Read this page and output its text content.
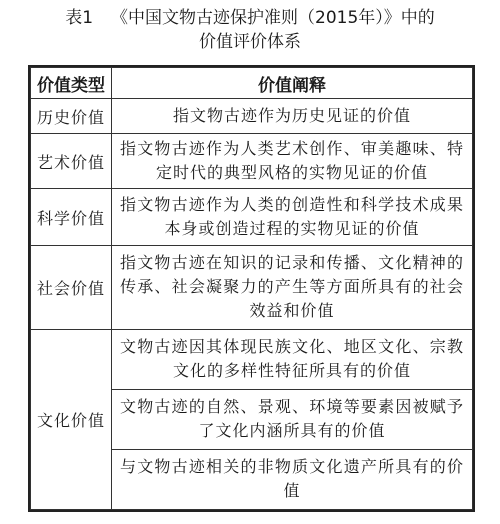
表1 《中国文物古迹保护准则（2015年）》中的
价值评价体系
价值类型	价值阐释
历史价值	指文物古迹作为历史见证的价值
艺术价值	指文物古迹作为人类艺术创作、审美趣味、特定时代的典型风格的实物见证的价值
科学价值	指文物古迹作为人类的创造性和科学技术成果本身或创造过程的实物见证的价值
社会价值	指文物古迹在知识的记录和传播、文化精神的传承、社会凝聚力的产生等方面所具有的社会效益和价值
文化价值	文物古迹因其体现民族文化、地区文化、宗教文化的多样性特征所具有的价值
	文物古迹的自然、景观、环境等要素因被赋予了文化内涵所具有的价值
	与文物古迹相关的非物质文化遗产所具有的价值
